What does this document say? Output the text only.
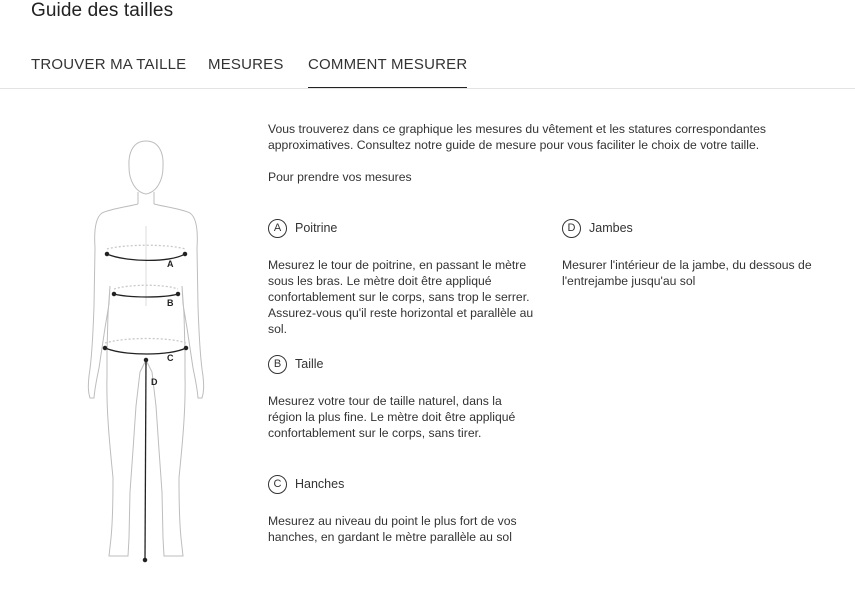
Guide des tailles
TROUVER MA TAILLE MESURES COMMENT MESURER
A
B
C
D
Vous trouverez dans ce graphique les mesures du vêtement et les statures correspondantes approximatives. Consultez notre guide de mesure pour vous faciliter le choix de votre taille.
Pour prendre vos mesures
A	Poitrine
Mesurez le tour de poitrine, en passant le mètre sous les bras. Le mètre doit être appliqué confortablement sur le corps, sans trop le serrer. Assurez-vous qu'il reste horizontal et parallèle au sol.
B	Taille
Mesurez votre tour de taille naturel, dans la région la plus fine. Le mètre doit être appliqué confortablement sur le corps, sans tirer.
C	Hanches
Mesurez au niveau du point le plus fort de vos hanches, en gardant le mètre parallèle au sol
D	Jambes
Mesurer l'intérieur de la jambe, du dessous de l'entrejambe jusqu'au sol
